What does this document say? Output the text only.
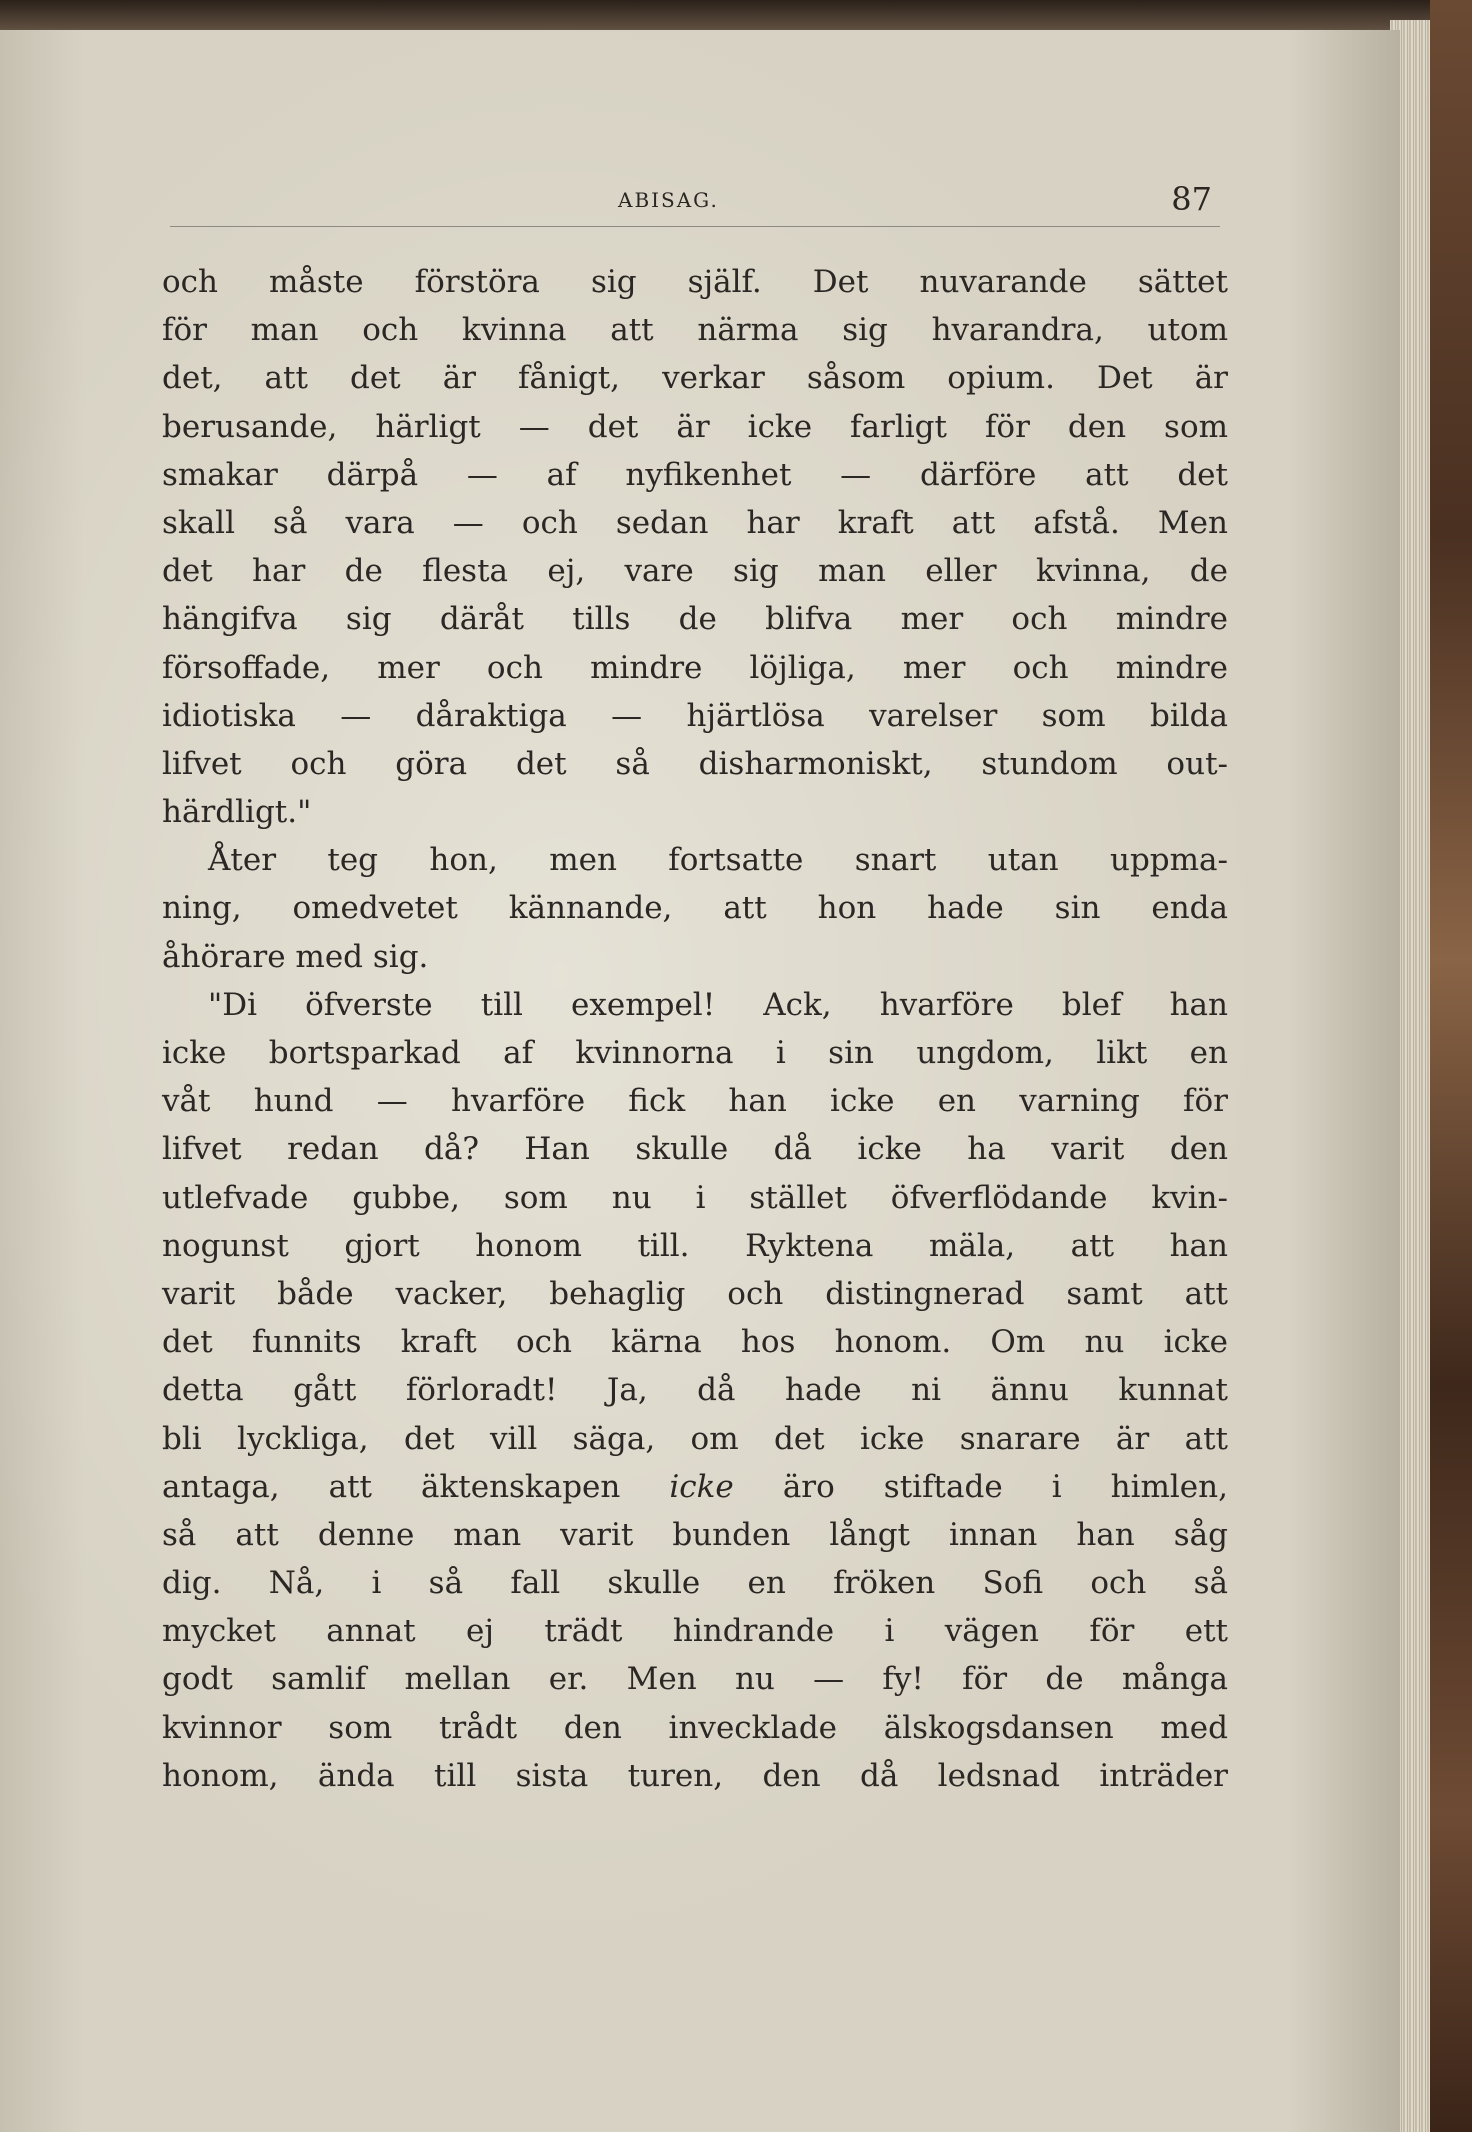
ABISAG.	87
och måste förstöra sig själf. Det nuvarande sättet
för man och kvinna att närma sig hvarandra, utom
det, att det är fånigt, verkar såsom opium. Det är
berusande, härligt — det är icke farligt för den som
smakar därpå — af nyfikenhet — därföre att det
skall så vara — och sedan har kraft att afstå. Men
det har de flesta ej, vare sig man eller kvinna, de
hängifva sig däråt tills de blifva mer och mindre
försoffade, mer och mindre löjliga, mer och mindre
idiotiska — dåraktiga — hjärtlösa varelser som bilda
lifvet och göra det så disharmoniskt, stundom out-
härdligt."
Åter teg hon, men fortsatte snart utan uppma-
ning, omedvetet kännande, att hon hade sin enda
åhörare med sig.
"Di öfverste till exempel! Ack, hvarföre blef han
icke bortsparkad af kvinnorna i sin ungdom, likt en
våt hund — hvarföre fick han icke en varning för
lifvet redan då? Han skulle då icke ha varit den
utlefvade gubbe, som nu i stället öfverflödande kvin-
nogunst gjort honom till. Ryktena mäla, att han
varit både vacker, behaglig och distingnerad samt att
det funnits kraft och kärna hos honom. Om nu icke
detta gått förloradt! Ja, då hade ni ännu kunnat
bli lyckliga, det vill säga, om det icke snarare är att
antaga, att äktenskapen icke äro stiftade i himlen,
så att denne man varit bunden långt innan han såg
dig. Nå, i så fall skulle en fröken Sofi och så
mycket annat ej trädt hindrande i vägen för ett
godt samlif mellan er. Men nu — fy! för de många
kvinnor som trådt den invecklade älskogsdansen med
honom, ända till sista turen, den då ledsnad inträder
